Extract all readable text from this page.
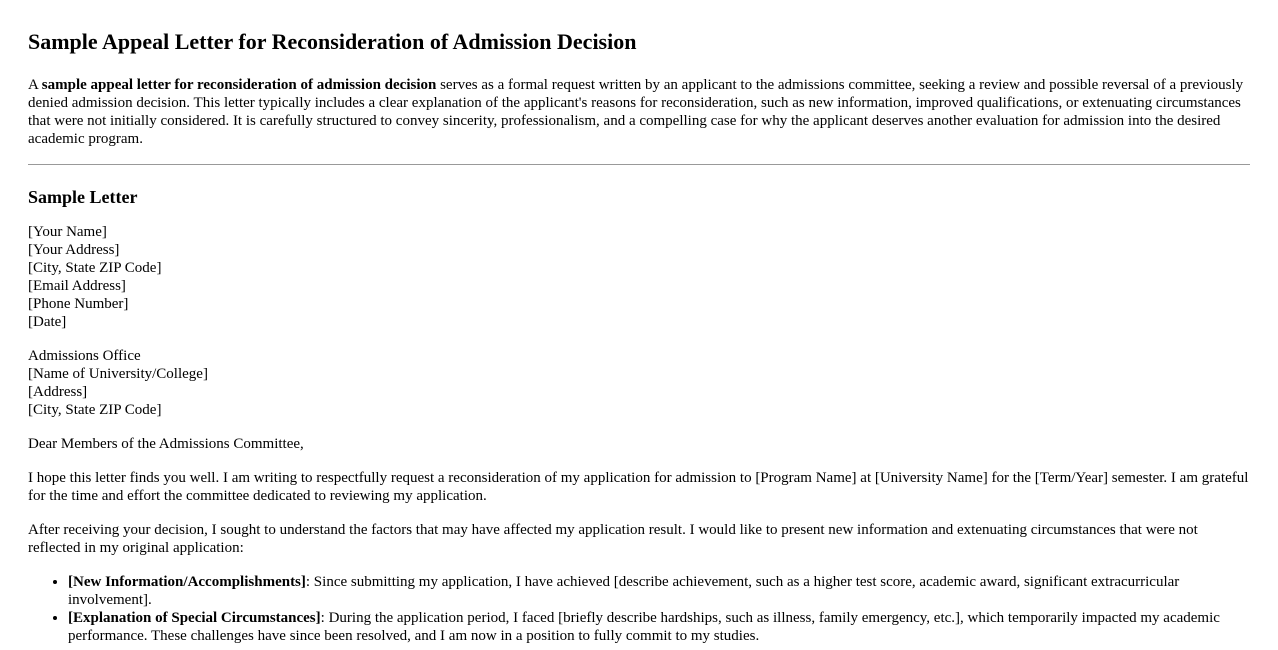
Sample Appeal Letter for Reconsideration of Admission Decision

A sample appeal letter for reconsideration of admission decision serves as a formal request written by an applicant to the admissions committee, seeking a review and possible reversal of a previously denied admission decision. This letter typically includes a clear explanation of the applicant's reasons for reconsideration, such as new information, improved qualifications, or extenuating circumstances that were not initially considered. It is carefully structured to convey sincerity, professionalism, and a compelling case for why the applicant deserves another evaluation for admission into the desired academic program.

Sample Letter
[Your Name]
[Your Address]
[City, State ZIP Code]
[Email Address]
[Phone Number]
[Date]
Admissions Office
[Name of University/College]
[Address]
[City, State ZIP Code]

Dear Members of the Admissions Committee,

I hope this letter finds you well. I am writing to respectfully request a reconsideration of my application for admission to [Program Name] at [University Name] for the [Term/Year] semester. I am grateful for the time and effort the committee dedicated to reviewing my application.

After receiving your decision, I sought to understand the factors that may have affected my application result. I would like to present new information and extenuating circumstances that were not reflected in my original application:

• [New Information/Accomplishments]: Since submitting my application, I have achieved [describe achievement, such as a higher test score, academic award, significant extracurricular involvement].
• [Explanation of Special Circumstances]: During the application period, I faced [briefly describe hardships, such as illness, family emergency, etc.], which temporarily impacted my academic performance. These challenges have since been resolved, and I am now in a position to fully commit to my studies.
